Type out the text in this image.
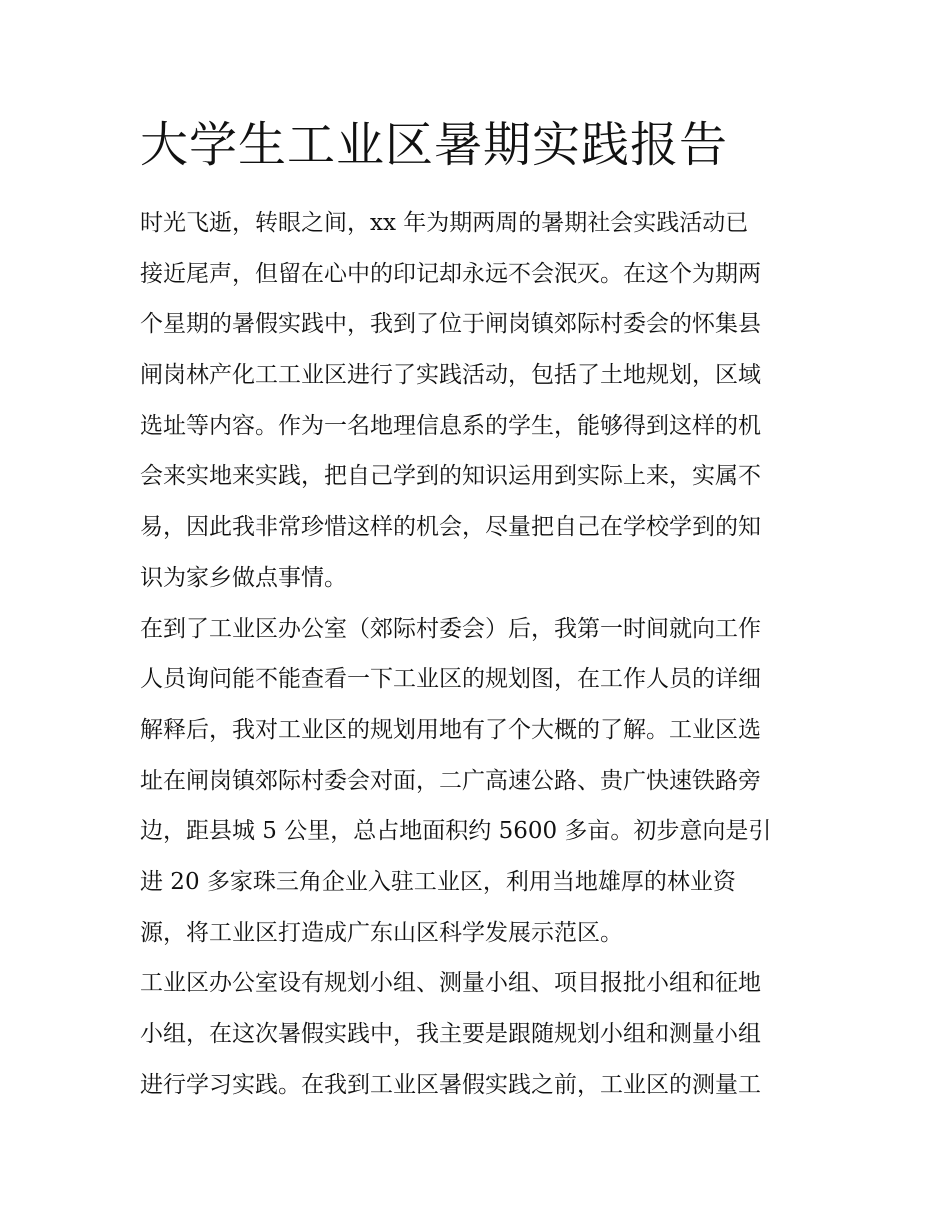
大学生工业区暑期实践报告
时光飞逝，转眼之间，xx 年为期两周的暑期社会实践活动已
接近尾声，但留在心中的印记却永远不会泯灭。在这个为期两
个星期的暑假实践中，我到了位于闸岗镇郊际村委会的怀集县
闸岗林产化工工业区进行了实践活动，包括了土地规划，区域
选址等内容。作为一名地理信息系的学生，能够得到这样的机
会来实地来实践，把自己学到的知识运用到实际上来，实属不
易，因此我非常珍惜这样的机会，尽量把自己在学校学到的知
识为家乡做点事情。
在到了工业区办公室（郊际村委会）后，我第一时间就向工作
人员询问能不能查看一下工业区的规划图，在工作人员的详细
解释后，我对工业区的规划用地有了个大概的了解。工业区选
址在闸岗镇郊际村委会对面，二广高速公路、贵广快速铁路旁
边，距县城 5 公里，总占地面积约 5600 多亩。初步意向是引
进 20 多家珠三角企业入驻工业区，利用当地雄厚的林业资
源，将工业区打造成广东山区科学发展示范区。
工业区办公室设有规划小组、测量小组、项目报批小组和征地
小组，在这次暑假实践中，我主要是跟随规划小组和测量小组
进行学习实践。在我到工业区暑假实践之前，工业区的测量工
